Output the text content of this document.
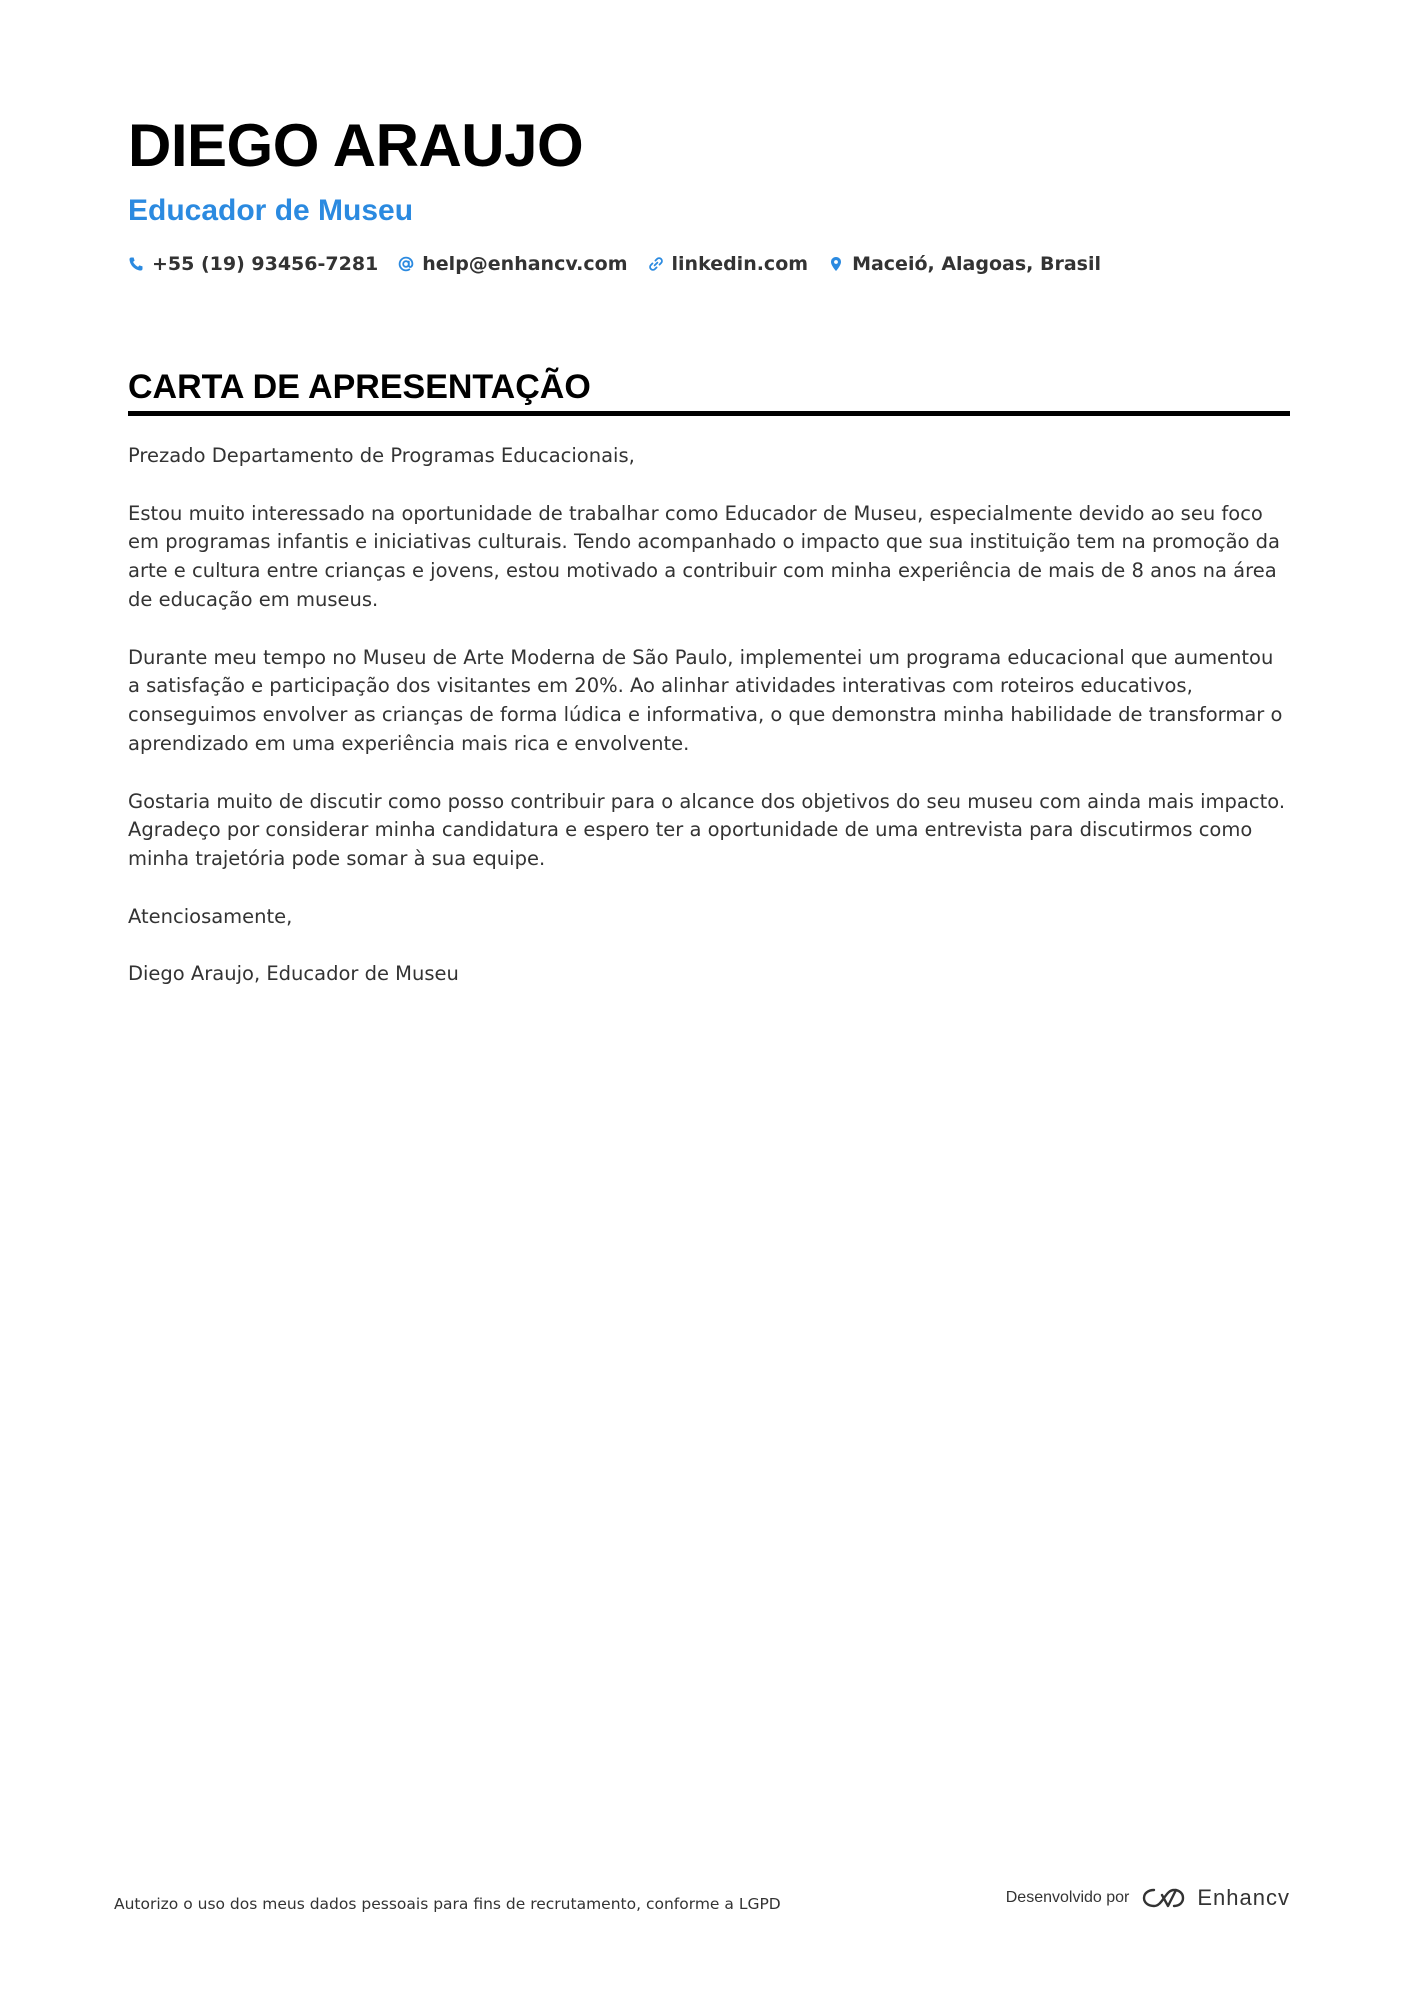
DIEGO ARAUJO
Educador de Museu
+55 (19) 93456-7281 help@enhancv.com linkedin.com Maceió, Alagoas, Brasil
CARTA DE APRESENTAÇÃO

Prezado Departamento de Programas Educacionais,

Estou muito interessado na oportunidade de trabalhar como Educador de Museu, especialmente devido ao seu foco em programas infantis e iniciativas culturais. Tendo acompanhado o impacto que sua instituição tem na promoção da arte e cultura entre crianças e jovens, estou motivado a contribuir com minha experiência de mais de 8 anos na área de educação em museus.

Durante meu tempo no Museu de Arte Moderna de São Paulo, implementei um programa educacional que aumentou a satisfação e participação dos visitantes em 20%. Ao alinhar atividades interativas com roteiros educativos, conseguimos envolver as crianças de forma lúdica e informativa, o que demonstra minha habilidade de transformar o aprendizado em uma experiência mais rica e envolvente.

Gostaria muito de discutir como posso contribuir para o alcance dos objetivos do seu museu com ainda mais impacto. Agradeço por considerar minha candidatura e espero ter a oportunidade de uma entrevista para discutirmos como minha trajetória pode somar à sua equipe.

Atenciosamente,

Diego Araujo, Educador de Museu

Autorizo o uso dos meus dados pessoais para fins de recrutamento, conforme a LGPD	Desenvolvido por	Enhancv
